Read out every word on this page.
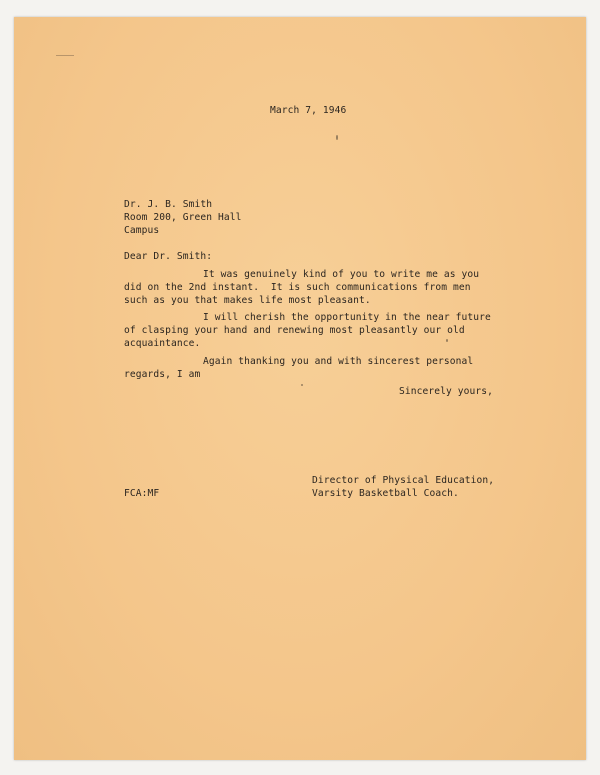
March 7, 1946
Dr. J. B. Smith
Room 200, Green Hall
Campus
Dear Dr. Smith:
It was genuinely kind of you to write me as you
did on the 2nd instant.  It is such communications from men
such as you that makes life most pleasant.
I will cherish the opportunity in the near future
of clasping your hand and renewing most pleasantly our old
acquaintance.
Again thanking you and with sincerest personal
regards, I am
Sincerely yours,
Director of Physical Education,
Varsity Basketball Coach.
FCA:MF
